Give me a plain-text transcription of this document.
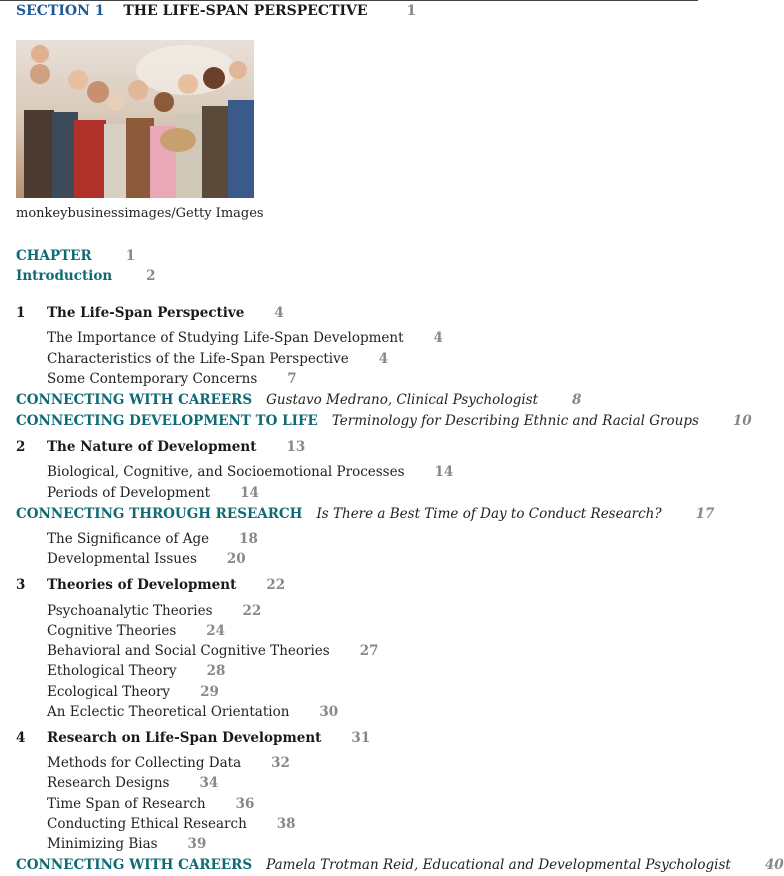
SECTION 1 THE LIFE-SPAN PERSPECTIVE	1
monkeybusinessimages/Getty Images
CHAPTER	1
Introduction	2
1 The Life-Span Perspective 4
The Importance of Studying Life-Span Development 4
Characteristics of the Life-Span Perspective 4
Some Contemporary Concerns 7
CONNECTING WITH CAREERS Gustavo Medrano, Clinical Psychologist	8
CONNECTING DEVELOPMENT TO LIFE Terminology for Describing Ethnic and Racial Groups	10
2 The Nature of Development 13
Biological, Cognitive, and Socioemotional Processes 14
Periods of Development 14
CONNECTING THROUGH RESEARCH Is There a Best Time of Day to Conduct Research?	17
The Significance of Age 18
Developmental Issues 20
3 Theories of Development 22
Psychoanalytic Theories 22
Cognitive Theories 24
Behavioral and Social Cognitive Theories 27
Ethological Theory 28
Ecological Theory 29
An Eclectic Theoretical Orientation 30
4 Research on Life-Span Development 31
Methods for Collecting Data 32
Research Designs 34
Time Span of Research 36
Conducting Ethical Research 38
Minimizing Bias 39
CONNECTING WITH CAREERS Pamela Trotman Reid, Educational and Developmental Psychologist	40
